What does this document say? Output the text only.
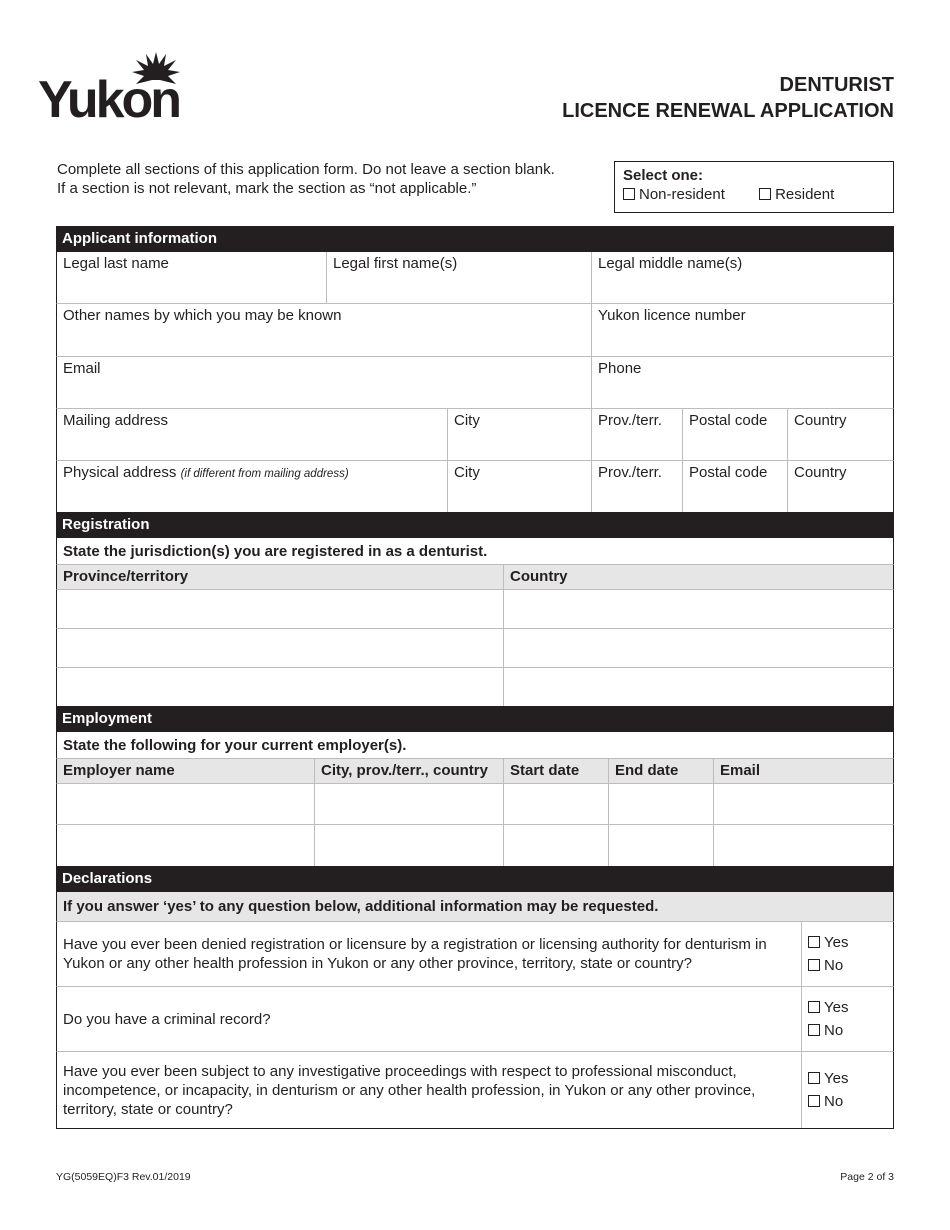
Yukon	DENTURIST
LICENCE RENEWAL APPLICATION
Complete all sections of this application form. Do not leave a section blank.
If a section is not relevant, mark the section as “not applicable.”
Select one:
Non-resident	Resident
Applicant information
Legal last name	Legal first name(s)	Legal middle name(s)
Other names by which you may be known	Yukon licence number
Email	Phone
Mailing address	City	Prov./terr.	Postal code	Country
Physical address (if different from mailing address)	City	Prov./terr.	Postal code	Country
Registration
State the jurisdiction(s) you are registered in as a denturist.
Province/territory	Country
Employment
State the following for your current employer(s).
Employer name	City, prov./terr., country	Start date	End date	Email
Declarations
If you answer ‘yes’ to any question below, additional information may be requested.
Have you ever been denied registration or licensure by a registration or licensing authority for denturism in Yukon or any other health profession in Yukon or any other province, territory, state or country?
Yes
No
Do you have a criminal record?
Yes
No
Have you ever been subject to any investigative proceedings with respect to professional misconduct, incompetence, or incapacity, in denturism or any other health profession, in Yukon or any other province, territory, state or country?
Yes
No
YG(5059EQ)F3 Rev.01/2019	Page 2 of 3
